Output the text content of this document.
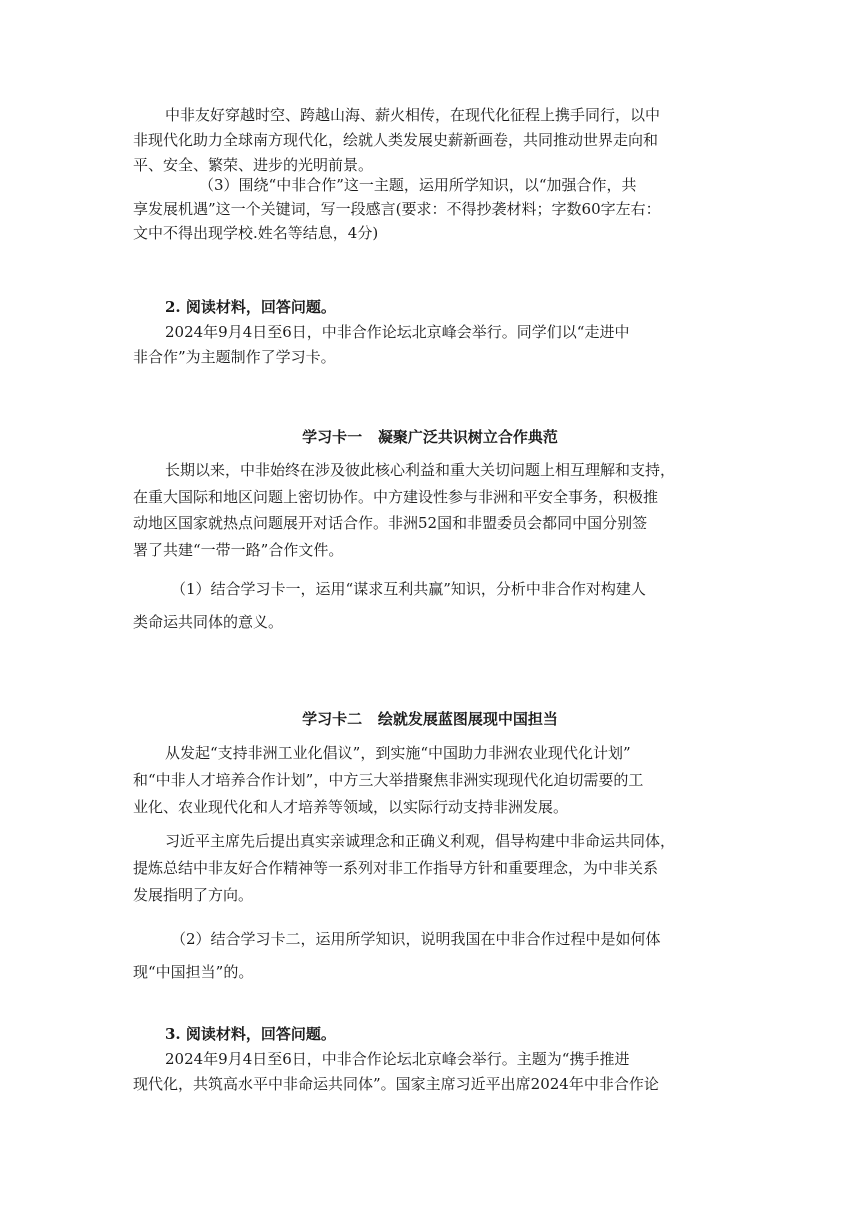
中非友好穿越时空、跨越山海、薪火相传，在现代化征程上携手同行，以中
非现代化助力全球南方现代化，绘就人类发展史薪新画卷，共同推动世界走向和
平、安全、繁荣、进步的光明前景。
（3）围绕“中非合作”这一主题，运用所学知识，以“加强合作，共
享发展机遇”这一个关键词，写一段感言(要求：不得抄袭材料；字数60字左右：
文中不得出现学校.姓名等结息，4分)
2. 阅读材料，回答问题。
2024年9月4日至6日，中非合作论坛北京峰会举行。同学们以“走进中
非合作”为主题制作了学习卡。
学习卡一   凝聚广泛共识树立合作典范
长期以来，中非始终在涉及彼此核心利益和重大关切问题上相互理解和支持，
在重大国际和地区问题上密切协作。中方建设性参与非洲和平安全事务，积极推
动地区国家就热点问题展开对话合作。非洲52国和非盟委员会都同中国分别签
署了共建“一带一路”合作文件。
（1）结合学习卡一，运用“谋求互利共赢”知识，分析中非合作对构建人
类命运共同体的意义。
学习卡二   绘就发展蓝图展现中国担当
从发起“支持非洲工业化倡议”，到实施“中国助力非洲农业现代化计划”
和“中非人才培养合作计划”，中方三大举措聚焦非洲实现现代化迫切需要的工
业化、农业现代化和人才培养等领域，以实际行动支持非洲发展。
习近平主席先后提出真实亲诚理念和正确义利观，倡导构建中非命运共同体，
提炼总结中非友好合作精神等一系列对非工作指导方针和重要理念，为中非关系
发展指明了方向。
（2）结合学习卡二，运用所学知识，说明我国在中非合作过程中是如何体
现“中国担当”的。
3. 阅读材料，回答问题。
2024年9月4日至6日，中非合作论坛北京峰会举行。主题为“携手推进
现代化，共筑高水平中非命运共同体”。国家主席习近平出席2024年中非合作论
